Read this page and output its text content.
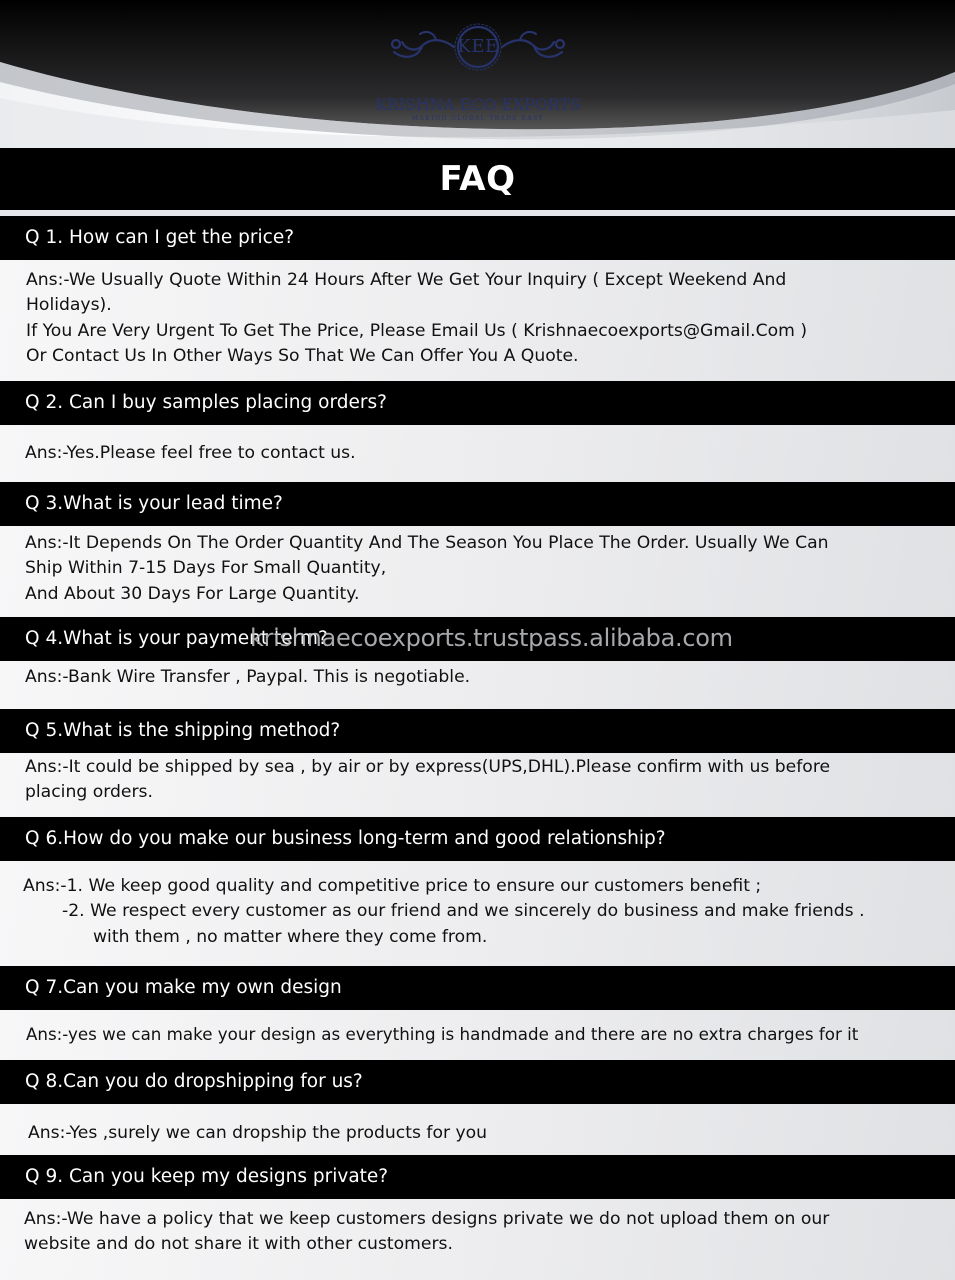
KEE
KRISHNA ECO EXPORTS
MAKING GLOBAL TRADE EASY
FAQ
Q 1. How can I get the price?
Ans:-We Usually Quote Within 24 Hours After We Get Your Inquiry ( Except Weekend And
Holidays).
If You Are Very Urgent To Get The Price, Please Email Us ( Krishnaecoexports@Gmail.Com )
Or Contact Us In Other Ways So That We Can Offer You A Quote.
Q 2. Can I buy samples placing orders?
Ans:-Yes.Please feel free to contact us.
Q 3.What is your lead time?
Ans:-It Depends On The Order Quantity And The Season You Place The Order. Usually We Can
Ship Within 7-15 Days For Small Quantity,
And About 30 Days For Large Quantity.
Q 4.What is your payment term?
Ans:-Bank Wire Transfer , Paypal. This is negotiable.
Q 5.What is the shipping method?
Ans:-It could be shipped by sea , by air or by express(UPS,DHL).Please confirm with us before
placing orders.
Q 6.How do you make our business long-term and good relationship?
Ans:-1. We keep good quality and competitive price to ensure our customers benefit ;
-2. We respect every customer as our friend and we sincerely do business and make friends .
with them , no matter where they come from.
Q 7.Can you make my own design
Ans:-yes we can make your design as everything is handmade and there are no extra charges for it
Q 8.Can you do dropshipping for us?
Ans:-Yes ,surely we can dropship the products for you
Q 9. Can you keep my designs private?
Ans:-We have a policy that we keep customers designs private we do not upload them on our
website and do not share it with other customers.
krishnaecoexports.trustpass.alibaba.com
